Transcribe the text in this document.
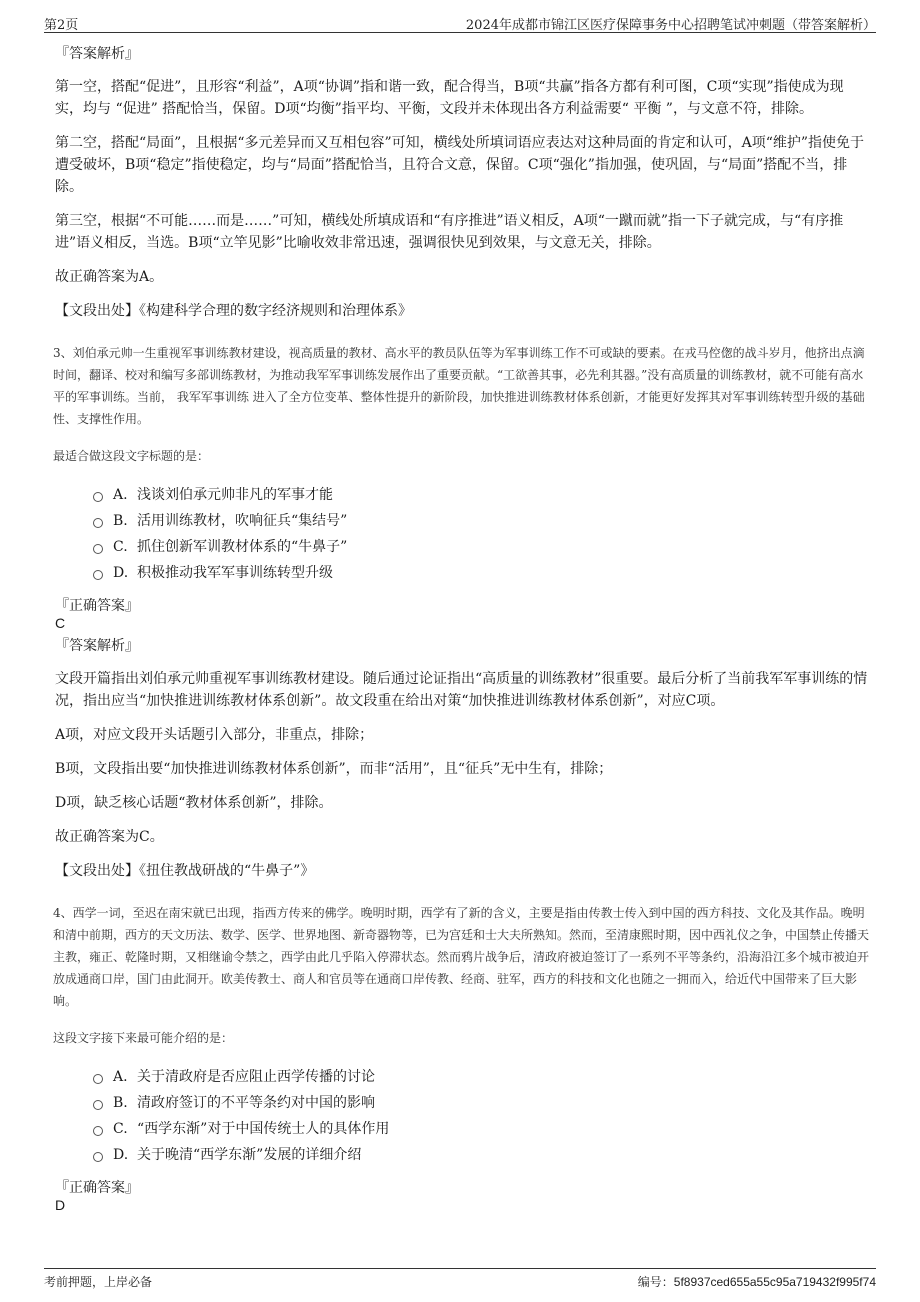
第2页	2024年成都市锦江区医疗保障事务中心招聘笔试冲刺题（带答案解析）

『答案解析』

第一空，搭配“促进”，且形容“利益”，A项“协调”指和谐一致，配合得当，B项“共赢”指各方都有利可图，C项“实现”指使成为现实，均与 “促进” 搭配恰当，保留。D项“均衡”指平均、平衡，文段并未体现出各方利益需要“ 平衡 ”，与文意不符，排除。

第二空，搭配“局面”，且根据“多元差异而又互相包容”可知，横线处所填词语应表达对这种局面的肯定和认可，A项“维护”指使免于遭受破坏，B项“稳定”指使稳定，均与“局面”搭配恰当，且符合文意，保留。C项“强化”指加强，使巩固，与“局面”搭配不当，排除。

第三空，根据“不可能……而是……”可知，横线处所填成语和“有序推进”语义相反，A项“一蹴而就”指一下子就完成，与“有序推进”语义相反，当选。B项“立竿见影”比喻收效非常迅速，强调很快见到效果，与文意无关，排除。

故正确答案为A。

【文段出处】《构建科学合理的数字经济规则和治理体系》

3、刘伯承元帅一生重视军事训练教材建设，视高质量的教材、高水平的教员队伍等为军事训练工作不可或缺的要素。在戎马倥偬的战斗岁月，他挤出点滴时间，翻译、校对和编写多部训练教材，为推动我军军事训练发展作出了重要贡献。“工欲善其事，必先利其器。”没有高质量的训练教材，就不可能有高水平的军事训练。当前， 我军军事训练 进入了全方位变革、整体性提升的新阶段，加快推进训练教材体系创新，才能更好发挥其对军事训练转型升级的基础性、支撑性作用。

最适合做这段文字标题的是：

A. 浅谈刘伯承元帅非凡的军事才能
B. 活用训练教材，吹响征兵“集结号”
C. 抓住创新军训教材体系的“牛鼻子”
D. 积极推动我军军事训练转型升级

『正确答案』

C

『答案解析』

文段开篇指出刘伯承元帅重视军事训练教材建设。随后通过论证指出“高质量的训练教材”很重要。最后分析了当前我军军事训练的情况，指出应当“加快推进训练教材体系创新”。故文段重在给出对策“加快推进训练教材体系创新”，对应C项。

A项，对应文段开头话题引入部分，非重点，排除；

B项，文段指出要“加快推进训练教材体系创新”，而非“活用”，且“征兵”无中生有，排除；

D项，缺乏核心话题“教材体系创新”，排除。

故正确答案为C。

【文段出处】《扭住教战研战的“牛鼻子”》

4、西学一词，至迟在南宋就已出现，指西方传来的佛学。晚明时期，西学有了新的含义，主要是指由传教士传入到中国的西方科技、文化及其作品。晚明和清中前期，西方的天文历法、数学、医学、世界地图、新奇器物等，已为宫廷和士大夫所熟知。然而，至清康熙时期，因中西礼仪之争，中国禁止传播天主教，雍正、乾隆时期，又相继谕令禁之，西学由此几乎陷入停滞状态。然而鸦片战争后，清政府被迫签订了一系列不平等条约，沿海沿江多个城市被迫开放成通商口岸，国门由此洞开。欧美传教士、商人和官员等在通商口岸传教、经商、驻军，西方的科技和文化也随之一拥而入，给近代中国带来了巨大影响。

这段文字接下来最可能介绍的是：

A. 关于清政府是否应阻止西学传播的讨论
B. 清政府签订的不平等条约对中国的影响
C. “西学东渐”对于中国传统士人的具体作用
D. 关于晚清“西学东渐”发展的详细介绍

『正确答案』

D

考前押题，上岸必备	编号：5f8937ced655a55c95a719432f995f74
